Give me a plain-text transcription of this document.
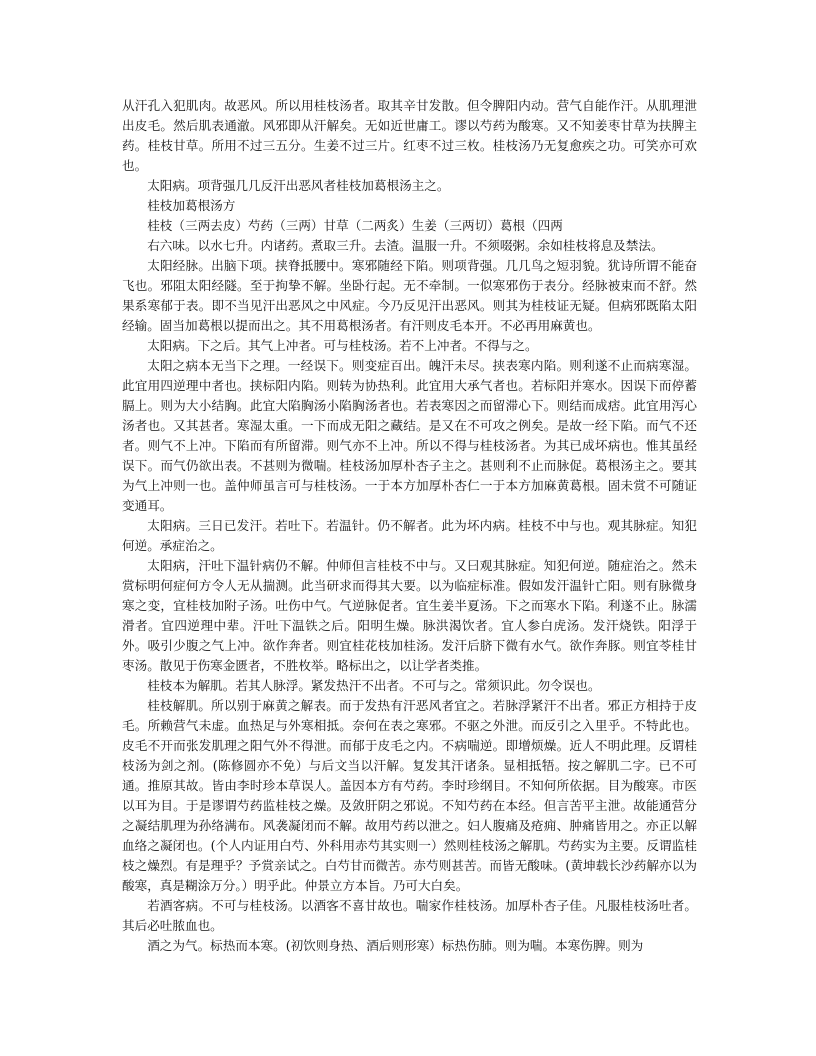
从汗孔入犯肌肉。故恶风。所以用桂枝汤者。取其辛甘发散。但令脾阳内动。营气自能作汗。从肌理泄出皮毛。然后肌表通澈。风邪即从汗解矣。无如近世庸工。谬以芍药为酸寒。又不知姜枣甘草为扶脾主药。桂枝甘草。所用不过三五分。生姜不过三片。红枣不过三枚。桂枝汤乃无复愈疾之功。可笑亦可欢也。

太阳病。项背强几几反汗出恶风者桂枝加葛根汤主之。

桂枝加葛根汤方

桂枝（三两去皮）芍药（三两）甘草（二两炙）生姜（三两切）葛根（四两

右六味。以水七升。内诸药。煮取三升。去渣。温服一升。不须啜粥。余如桂枝将息及禁法。

太阳经脉。出脑下项。挟脊抵腰中。寒邪随经下陷。则项背强。几几鸟之短羽貌。犹诗所谓不能奋飞也。邪阻太阳经隧。至于拘挚不解。坐卧行起。无不牵制。一似寒邪伤于表分。经脉被束而不舒。然果系寒郁于表。即不当见汗出恶风之中风症。今乃反见汗出恶风。则其为桂枝证无疑。但病邪既陷太阳经输。固当加葛根以提而出之。其不用葛根汤者。有汗则皮毛本开。不必再用麻黄也。

太阳病。下之后。其气上冲者。可与桂枝汤。若不上冲者。不得与之。

太阳之病本无当下之理。一经误下。则变症百出。魄汗未尽。挟表寒内陷。则利遂不止而病寒湿。此宜用四逆理中者也。挟标阳内陷。则转为协热利。此宜用大承气者也。若标阳并寒水。因误下而停蓄膈上。则为大小结胸。此宜大陷胸汤小陷胸汤者也。若表寒因之而留滞心下。则结而成痞。此宜用泻心汤者也。又其甚者。寒湿太重。一下而成无阳之藏结。是又在不可攻之例矣。是故一经下陷。而气不还者。则气不上冲。下陷而有所留滞。则气亦不上冲。所以不得与桂枝汤者。为其已成坏病也。惟其虽经误下。而气仍欲出表。不甚则为微喘。桂枝汤加厚朴杏子主之。甚则利不止而脉促。葛根汤主之。要其为气上冲则一也。盖仲师虽言可与桂枝汤。一于本方加厚朴杏仁一于本方加麻黄葛根。固未赏不可随证变通耳。

太阳病。三日已发汗。若吐下。若温针。仍不解者。此为坏内病。桂枝不中与也。观其脉症。知犯何逆。承症治之。

太阳病，汗吐下温针病仍不解。仲师但言桂枝不中与。又曰观其脉症。知犯何逆。随症治之。然未赏标明何症何方令人无从揣测。此当研求而得其大要。以为临症标准。假如发汗温针亡阳。则有脉微身寒之变，宜桂枝加附子汤。吐伤中气。气逆脉促者。宜生姜半夏汤。下之而寒水下陷。利遂不止。脉濡滑者。宜四逆理中辈。汗吐下温铁之后。阳明生燥。脉洪渴饮者。宜人参白虎汤。发汗烧铁。阳浮于外。吸引少腹之气上冲。欲作奔者。则宜桂花枝加桂汤。发汗后脐下微有水气。欲作奔豚。则宜苓桂甘枣汤。散见于伤寒金匮者，不胜枚举。略标出之，以让学者类推。

桂枝本为解肌。若其人脉浮。紧发热汗不出者。不可与之。常须识此。勿令误也。

桂枝解肌。所以别于麻黄之解表。而于发热有汗恶风者宜之。若脉浮紧汗不出者。邪正方相持于皮毛。所赖营气未虚。血热足与外寒相抵。奈何在表之寒邪。不驱之外泄。而反引之入里乎。不特此也。皮毛不开而张发肌理之阳气外不得泄。而郁于皮毛之内。不病喘逆。即增烦燥。近人不明此理。反谓桂枝汤为剑之剂。(陈修圆亦不免）与后文当以汗解。复发其汗诸条。显相抵牾。按之解肌二字。已不可通。推原其故。皆由李时珍本草误人。盖因本方有芍药。李时珍纲目。不知何所依据。目为酸寒。市医以耳为目。于是谬谓芍药监桂枝之燥。及敛肝阴之邪说。不知芍药在本经。但言苦平主泄。故能通营分之凝结肌理为孙络满布。风袭凝闭而不解。故用芍药以泄之。妇人腹痛及疮痈、肿痛皆用之。亦正以解血络之凝闭也。(个人内证用白芍、外科用赤芍其实则一）然则桂枝汤之解肌。芍药实为主要。反谓监桂枝之燥烈。有是理乎？予赏亲试之。白芍甘而微苦。赤芍则甚苦。而皆无酸味。(黄坤载长沙药解亦以为酸寒，真是糊涂万分。）明乎此。仲景立方本旨。乃可大白矣。

若酒客病。不可与桂枝汤。以酒客不喜甘故也。喘家作桂枝汤。加厚朴杏子佳。凡服桂枝汤吐者。其后必吐脓血也。

酒之为气。标热而本寒。(初饮则身热、酒后则形寒）标热伤肺。则为喘。本寒伤脾。则为
